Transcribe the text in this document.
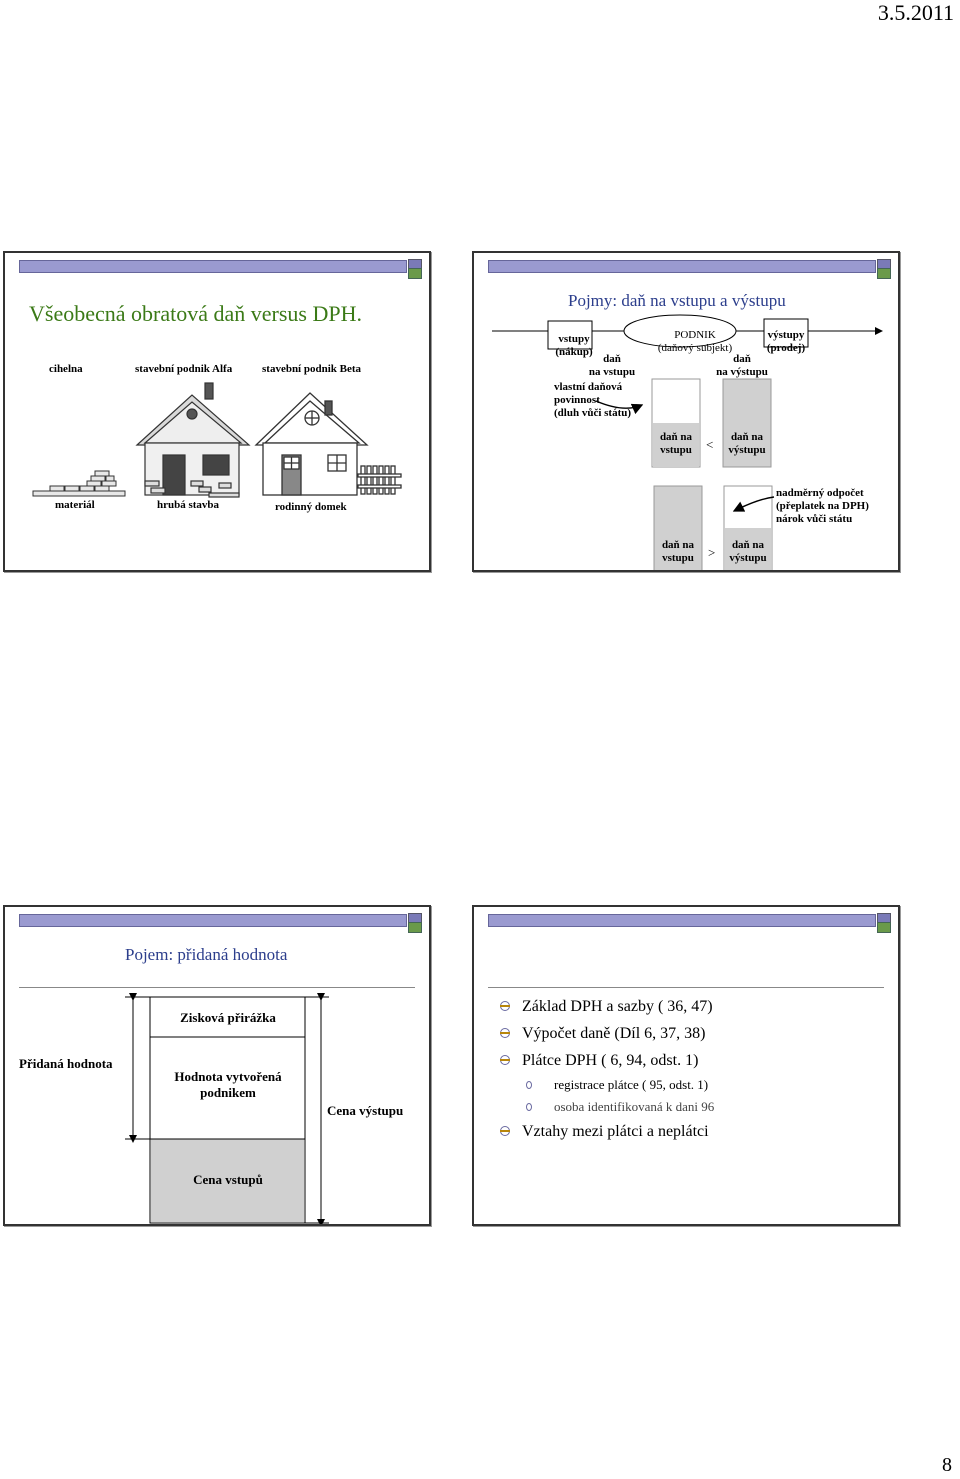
3.5.2011
Všeobecná obratová daň versus DPH.
cihelna	stavební podnik Alfa	stavební podnik Beta
materiál	hrubá stavba	rodinný domek
Pojmy: daň na vstupu a výstupu
vstupy
(nákup)
PODNIK
(daňový subjekt)
výstupy
(prodej)
daň
na vstupu
daň
na výstupu
vlastní daňová
povinnost
(dluh vůči státu)
daň na
vstupu
daň na
výstupu
<
nadměrný odpočet
(přeplatek na DPH)
nárok vůči státu
daň na
vstupu
daň na
výstupu
>
Pojem: přidaná hodnota
Přidaná hodnota
Zisková přirážka
Hodnota vytvořená
podnikem
Cena výstupu
Cena vstupů
Základ DPH a sazby ( 36, 47)
Výpočet daně (Díl 6, 37, 38)
Plátce DPH ( 6, 94, odst. 1)
registrace plátce ( 95, odst. 1)
osoba identifikovaná k dani 96
Vztahy mezi plátci a neplátci
8
